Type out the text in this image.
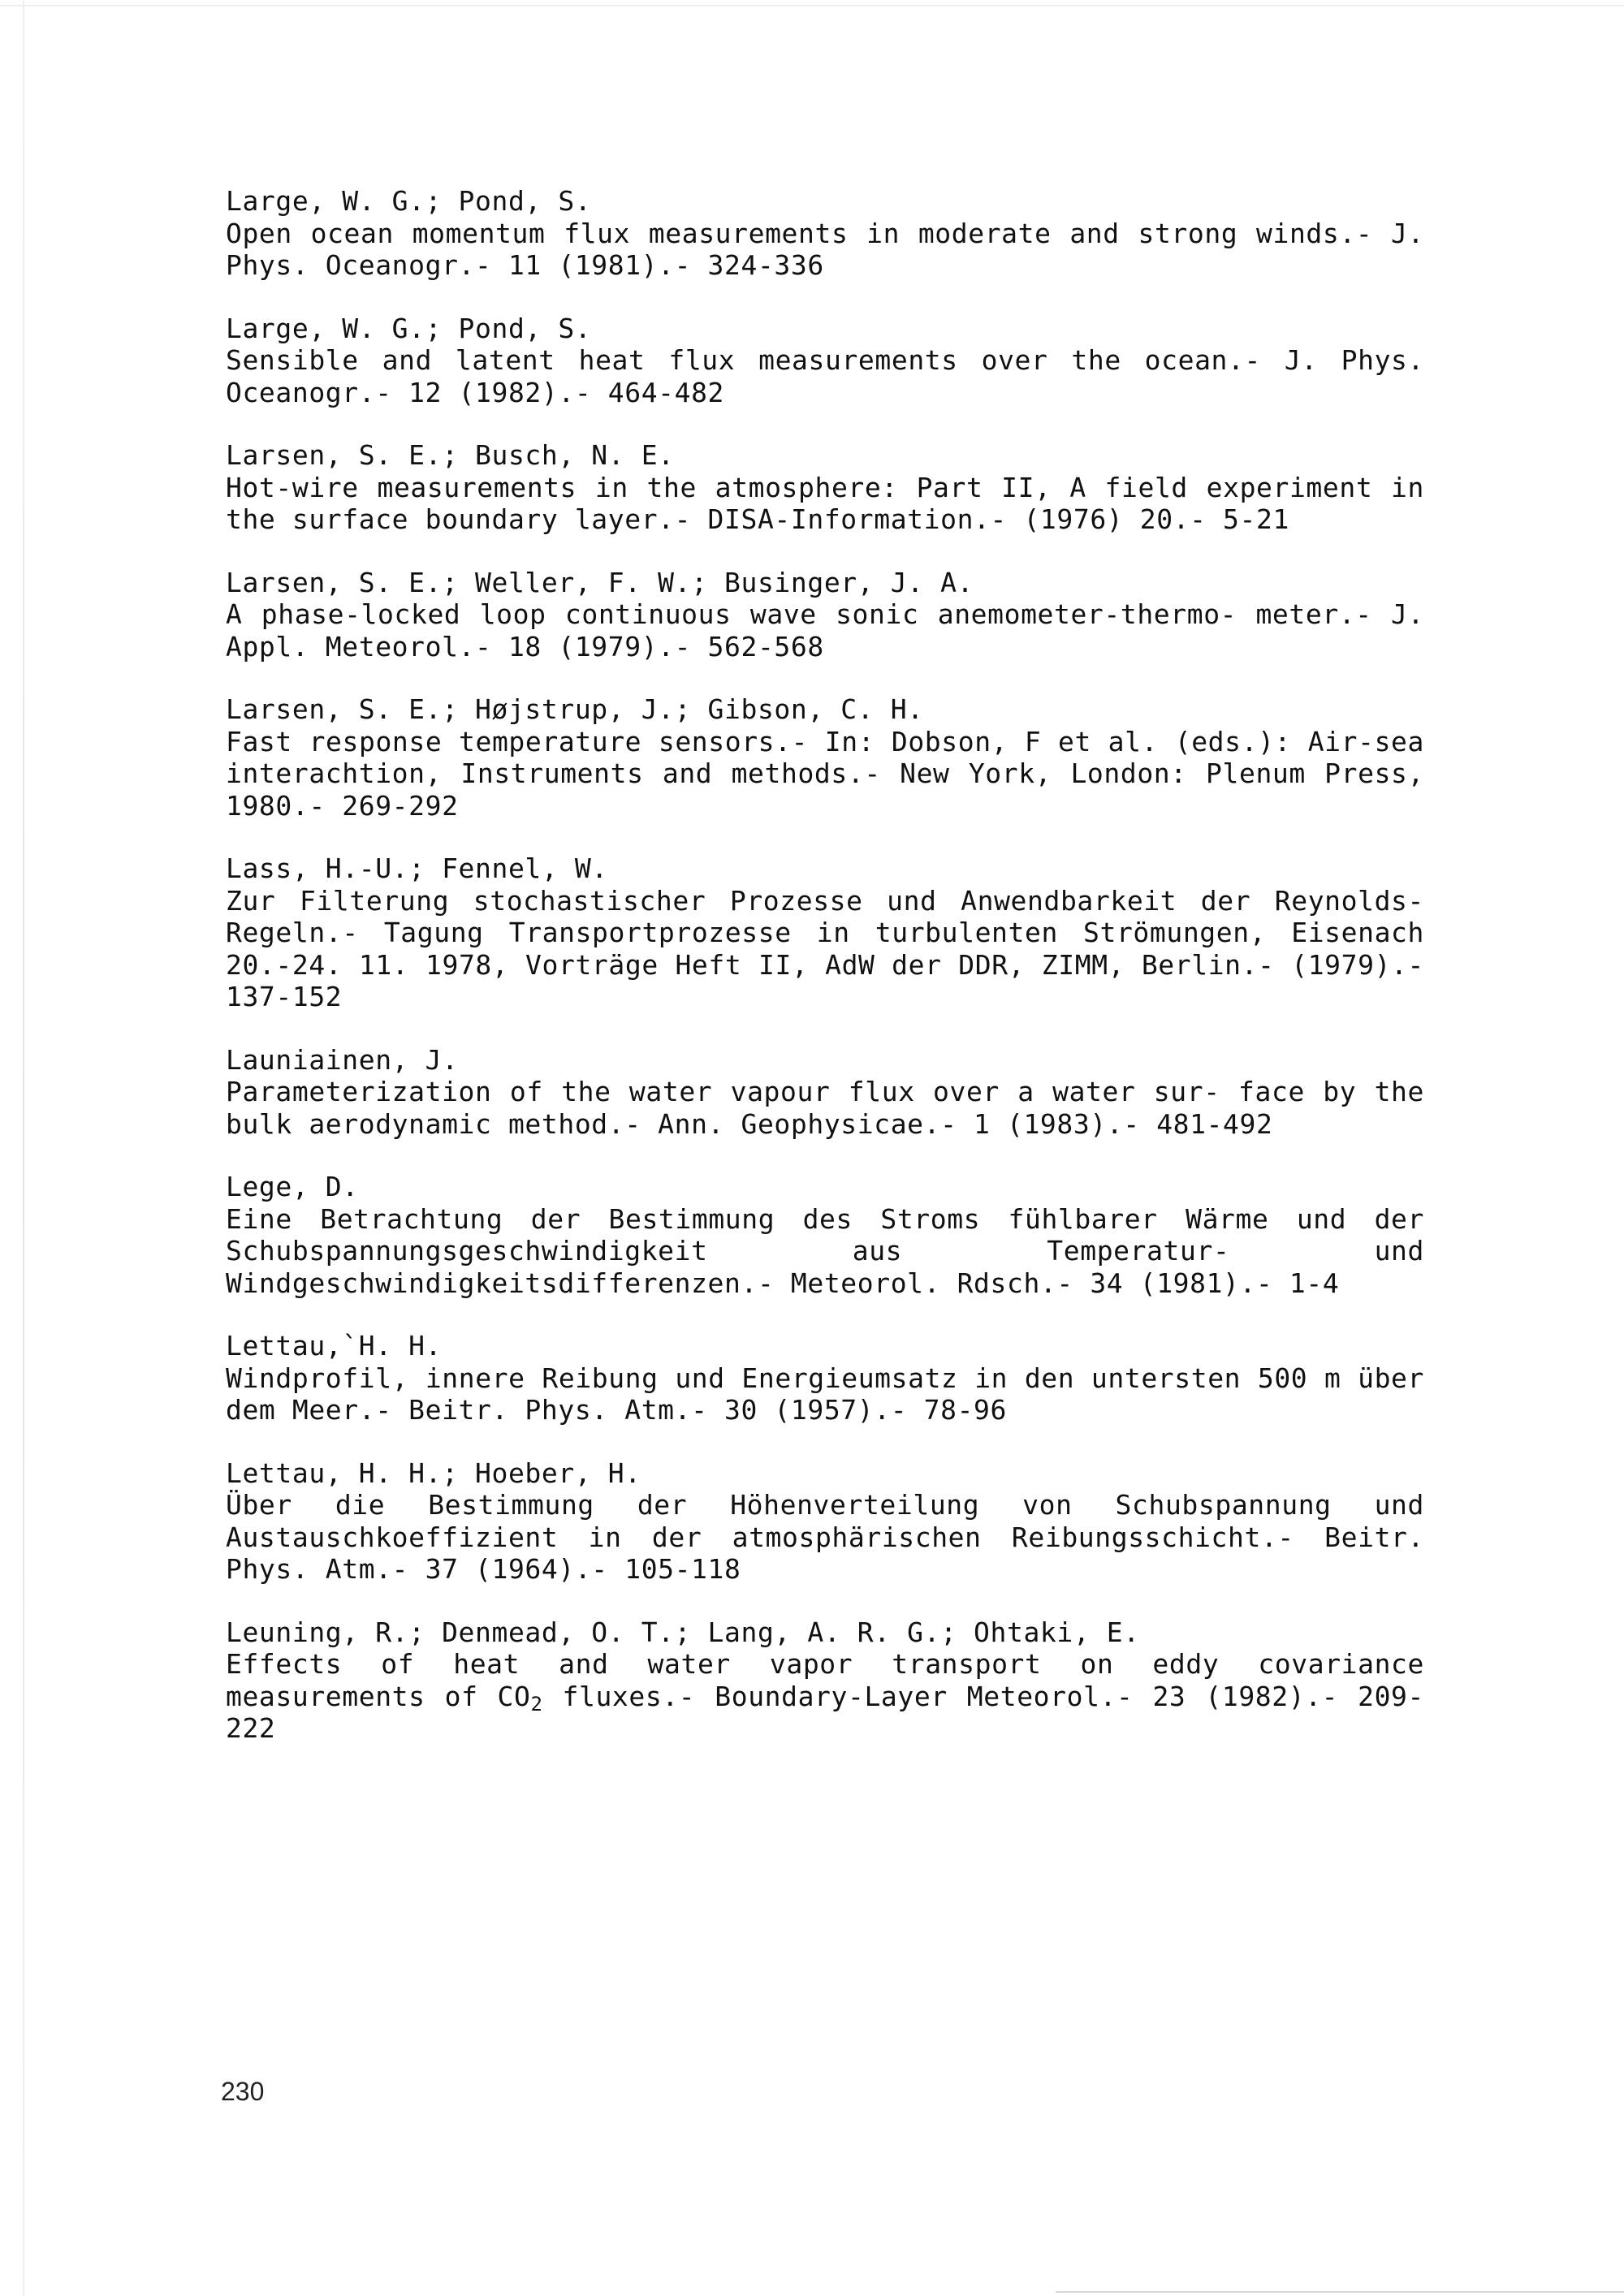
Large, W. G.; Pond, S.
Open ocean momentum flux measurements in moderate and strong winds.- J. Phys. Oceanogr.- 11 (1981).- 324-336
Large, W. G.; Pond, S.
Sensible and latent heat flux measurements over the ocean.- J. Phys. Oceanogr.- 12 (1982).- 464-482
Larsen, S. E.; Busch, N. E.
Hot-wire measurements in the atmosphere: Part II, A field experiment in the surface boundary layer.- DISA-Information.- (1976) 20.- 5-21
Larsen, S. E.; Weller, F. W.; Businger, J. A.
A phase-locked loop continuous wave sonic anemometer-thermo- meter.- J. Appl. Meteorol.- 18 (1979).- 562-568
Larsen, S. E.; Højstrup, J.; Gibson, C. H.
Fast response temperature sensors.- In: Dobson, F et al. (eds.): Air-sea interachtion, Instruments and methods.- New York, London: Plenum Press, 1980.- 269-292
Lass, H.-U.; Fennel, W.
Zur Filterung stochastischer Prozesse und Anwendbarkeit der Reynolds-Regeln.- Tagung Transportprozesse in turbulenten Strömungen, Eisenach 20.-24. 11. 1978, Vorträge Heft II, AdW der DDR, ZIMM, Berlin.- (1979).- 137-152
Launiainen, J.
Parameterization of the water vapour flux over a water sur- face by the bulk aerodynamic method.- Ann. Geophysicae.- 1 (1983).- 481-492
Lege, D.
Eine Betrachtung der Bestimmung des Stroms fühlbarer Wärme und der Schubspannungsgeschwindigkeit aus Temperatur- und Windgeschwindigkeitsdifferenzen.- Meteorol. Rdsch.- 34 (1981).- 1-4
Lettau,`H. H.
Windprofil, innere Reibung und Energieumsatz in den untersten 500 m über dem Meer.- Beitr. Phys. Atm.- 30 (1957).- 78-96
Lettau, H. H.; Hoeber, H.
Über die Bestimmung der Höhenverteilung von Schubspannung und Austauschkoeffizient in der atmosphärischen Reibungsschicht.- Beitr. Phys. Atm.- 37 (1964).- 105-118
Leuning, R.; Denmead, O. T.; Lang, A. R. G.; Ohtaki, E.
Effects of heat and water vapor transport on eddy covariance measurements of $CO_2$ fluxes.- Boundary-Layer Meteorol.- 23 (1982).- 209-222
230
